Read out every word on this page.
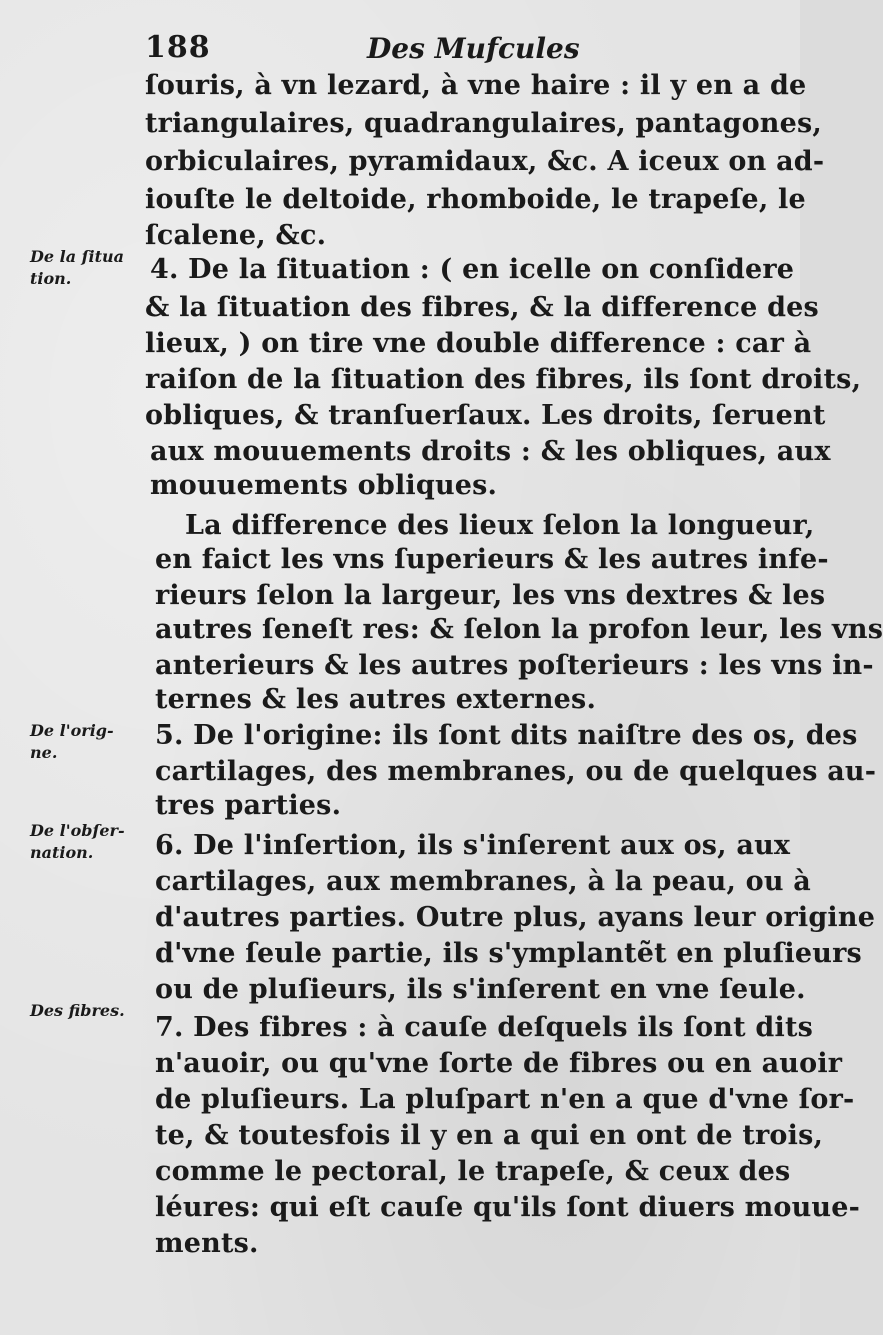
188	Des Mufcules
De la ſitua
tion.
De l'orig-
ne.
De l'obſer-
nation.
Des fibres.
ſouris, à vn lezard, à vne haire : il y en a de
triangulaires, quadrangulaires, pantagones,
orbiculaires, pyramidaux, &c. A iceux on ad-
iouſte le deltoide, rhomboide, le trapeſe, le
ſcalene, &c.
4. De la ſituation : ( en icelle on conſidere
& la ſituation des fibres, & la difference des
lieux, ) on tire vne double difference : car à
raiſon de la ſituation des fibres, ils ſont droits,
obliques, & tranſuerſaux. Les droits, ſeruent
aux mouuements droits : & les obliques, aux
mouuements obliques.
La difference des lieux ſelon la longueur,
en faict les vns ſuperieurs & les autres infe-
rieurs ſelon la largeur, les vns dextres & les
autres ſeneſt res: & ſelon la profon leur, les vns
anterieurs & les autres poſterieurs : les vns in-
ternes & les autres externes.
5. De l'origine: ils ſont dits naiſtre des os, des
cartilages, des membranes, ou de quelques au-
tres parties.
6. De l'inſertion, ils s'inſerent aux os, aux
cartilages, aux membranes, à la peau, ou à
d'autres parties. Outre plus, ayans leur origine
d'vne ſeule partie, ils s'ymplantẽt en pluſieurs
ou de pluſieurs, ils s'inſerent en vne ſeule.
7. Des fibres : à cauſe deſquels ils ſont dits
n'auoir, ou qu'vne ſorte de fibres ou en auoir
de pluſieurs. La pluſpart n'en a que d'vne ſor-
te, & toutesfois il y en a qui en ont de trois,
comme le pectoral, le trapeſe, & ceux des
léures: qui eſt cauſe qu'ils ſont diuers mouue-
ments.
